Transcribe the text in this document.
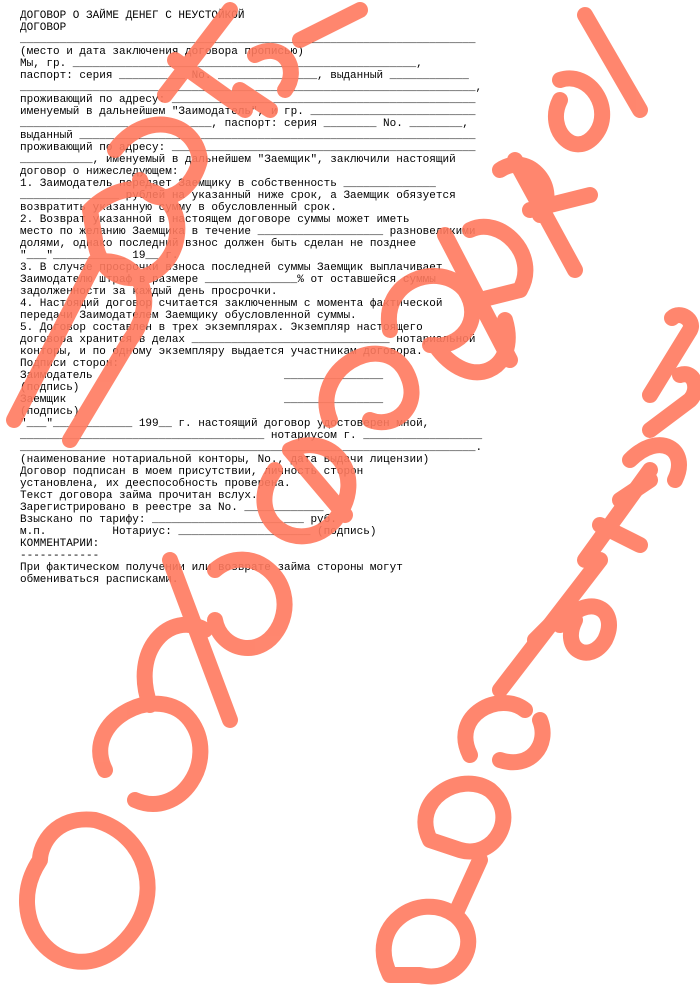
ДОГОВОР О ЗАЙМЕ ДЕНЕГ С НЕУСТОЙКОЙ
ДОГОВОР
_____________________________________________________________________
(место и дата заключения договора прописью)
Мы, гр. ____________________________________________________,
паспорт: серия __________ No. _______________, выданный ____________
_____________________________________________________________________,
проживающий по адресу: ______________________________________________
именуемый в дальнейшем "Заимодатель", и гр. _________________________
_____________________________, паспорт: серия ________ No. ________,
выданный ____________________________________________________________
проживающий по адресу: ______________________________________________
___________, именуемый в дальнейшем "Заемщик", заключили настоящий
договор о нижеследующем:
1. Заимодатель передает Заемщику в собственность ______________
_______________ рублей на указанный ниже срок, а Заемщик обязуется
возвратить указанную сумму в обусловленный срок.
2. Возврат указанной в настоящем договоре суммы может иметь
место по желанию Заемщика в течение ___________________ разновеликими
долями, однако последний взнос должен быть сделан не позднее
"___"___________ 19__ г.
3. В случае просрочки взноса последней суммы Заемщик выплачивает
Заимодателю штраф в размере ______________% от оставшейся суммы
задолженности за каждый день просрочки.
4. Настоящий договор считается заключенным с момента фактической
передачи Заимодателем Заемщику обусловленной суммы.
5. Договор составлен в трех экземплярах. Экземпляр настоящего
договора хранится в делах ______________________________ нотариальной
конторы, и по одному экземпляру выдается участникам договора.
Подписи сторон:
Заимодатель                             _______________
(подпись)
Заемщик                                 _______________
(подпись)
"___"____________ 199__ г. настоящий договор удостоверен мной,
_____________________________________ нотариусом г. __________________
_____________________________________________________________________.
(наименование нотариальной конторы, No., дата выдачи лицензии)
Договор подписан в моем присутствии, личность сторон
установлена, их дееспособность проверена.
Текст договора займа прочитан вслух.
Зарегистрировано в реестре за No. ____________
Взыскано по тарифу: _______________________ руб.
м.п.          Нотариус: ____________________ (подпись)
КОММЕНТАРИИ:
------------
При фактическом получении или возврате займа стороны могут
обмениваться расписками.
Doclist.ru образец Doclist.ru
